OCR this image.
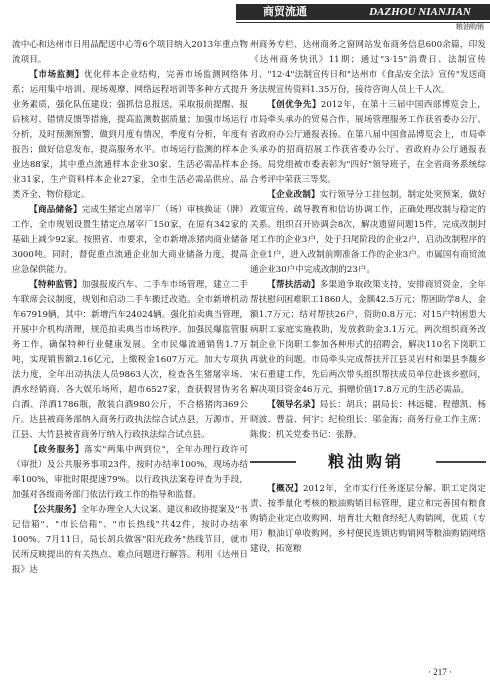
商贸流通	DAZHOU NIANJIAN
粮油购销

流中心和达州市日用品配送中心等6个项目纳入2013年重点物流项目。

【市场监测】优化样本企业结构，完善市场监测网络体系；运用集中培训、现场观摩、网络远程培训等多种方式提升业务素质，强化队伍建设；强抓信息报送，采取报前提醒、报后核对、错情反馈等措施，提高监测数据质量；加强市场运行分析，及时预测预警，做到月度有情况，季度有分析，年度有报告；做好信息发布，提高服务水平。市场运行监测的样本企业达88家，其中重点流通样本企业30家、生活必需品样本企业31家，生产资料样本企业27家，全市生活必需品供应、品类齐全、物价稳定。

【商品储备】完成生猪定点屠宰厂（场）审核换证（牌）工作，全市规划设置生猪定点屠宰厂150家，在原有342家的基础上减少92家。按照省、市要求，全市新增冻猪肉商业储备3000吨。同时，督促重点流通企业加大商业储备力度，提高应急保供能力。

【特种监管】加强报废汽车、二手车市场管理，建立二手车联席会议制度，规划和启动二手车搬迁改造。全市新增机动车67919辆，其中：新增汽车24024辆。强化拍卖典当管理，开展中介机构清理，规范拍卖典当市场秩序。加强民爆监管服务工作，确保特种行业健康发展。全市民爆流通销售1.7万吨，实现销售额2.16亿元，上缴税金1607万元。加大专项执法力度，全年出动执法人员9863人次，检查各生猪屠宰场、洒水经销商、各大娱乐场所，超市6527家，查获假冒伪劣名白酒、洋酒1786瓶，散装白酒980公斤，不合格猪肉369公斤。达县被商务部纳入商务行政执法综合试点县，万源市、开江县、大竹县被省商务厅纳入行政执法综合试点县。

【政务服务】落实"两集中两到位"，全年办理行政许可（审批）及公共服务事项23件，按时办结率100%，现场办结率100%，审批时限提速79%。以行政执法案卷评查为手段，加强对各级商务部门依法行政工作的指导和监督。

【公共服务】全年办理全人大议案、建议和政协提案及"书记信箱"、"市长信箱"、"市长热线"共42件，按时办结率100%。7月11日，局长胡兵做客"阳光政务"热线节目，就市民所反映提出的有关热点、难点问题进行解答。利用《达州日报》达

州商务专栏、达州商务之窗网站发布商务信息600余篇，印发《达州商务快讯》11期；通过"3·15"消费日、法制宣传月、"12·4"法制宣传日和"达州市《食品安全法》宣传"发送商务法规宣传资料1.35万份，接待咨询人员上千人次。

【创优争先】2012年，在第十三届中国西部博览会上，市局牵头承办的贸易合作、展场管理服务工作获省委办公厅、省政府办公厅通报表扬。在第八届中国食品博览会上，市局牵头承办的招商招展工作获省委办公厅、省政府办公厅通报表扬。局党组被市委表彰为"四好"领导班子，在全省商务系统综合考评中荣获三等奖。

【企业改制】实行领导分工挂包制，制定处突预案，做好政策宣传、疏导教育和信访协调工作，正确处理改制与稳定的关系。组织召开协调会8次，解决遗留问题15件，完成改制封尾工作的企业3户，处于扫尾阶段的企业2户，启动改制程序的企业1户，进入改制前期准备工作的企业3户。市属国有商贸流通企业30户中完成改制的23户。

【帮扶活动】多渠道争取政策支持，安排商贸资金，全年帮扶慰问困难职工1860人，金额42.5万元；帮困助学8人，金额1.7万元；结对帮扶26户，资助0.8万元；对15户特困患大病职工家庭实施救助，发放救助金3.1万元。两次组织商务改制企业下岗职工参加各种形式的招聘会，解决110名下岗职工再就业的问题。市局牵头完成帮扶开江县灵岩村和渠县李馥乡宋石重建工作，先后两次带头组织帮扶成员单位赴该乡慰问，解决项目资金46万元，捐赠价值17.8万元的生活必需品。

【领导名录】局长：胡兵；副局长：林远健、程德凯、杨晓波、曹益、何宇；纪检组长：邬金海；商务行业工作主席：陈俊；机关党委书记：张静。

粮油购销

【概况】2012年，全市实行任务逐层分解、职工定岗定责、按季量化考核的粮油购销目标管理，建立和完善国有粮食购销企业定点收购网、培育壮大粮食经纪人购销网，优质（专用）粮油订单收购网，乡村便民连锁店购销网等粮油购销网络建设，拓宽粮

· 217 ·
